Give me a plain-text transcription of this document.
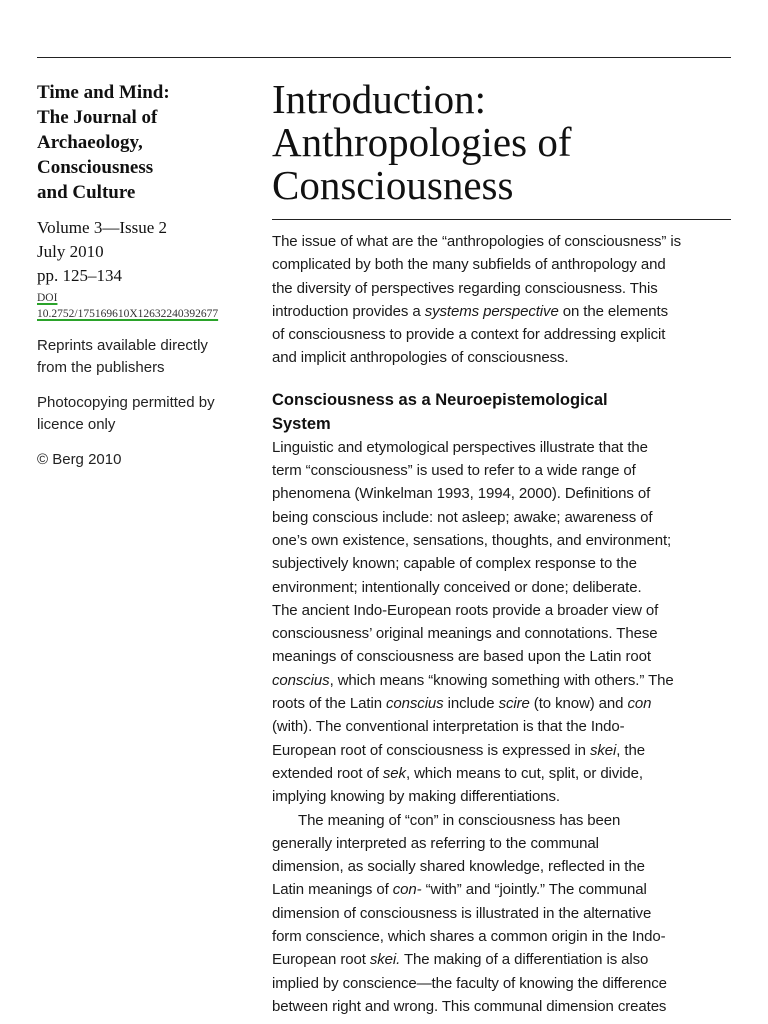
Time and Mind:
The Journal of
Archaeology,
Consciousness
and Culture
Volume 3—Issue 2
July 2010
pp. 125–134
DOI
10.2752/175169610X12632240392677
Reprints available directly
from the publishers
Photocopying permitted by
licence only
© Berg 2010
Introduction:
Anthropologies of
Consciousness

The issue of what are the “anthropologies of consciousness” is
complicated by both the many subfields of anthropology and
the diversity of perspectives regarding consciousness. This
introduction provides a systems perspective on the elements
of consciousness to provide a context for addressing explicit
and implicit anthropologies of consciousness.

Consciousness as a Neuroepistemological
System

Linguistic and etymological perspectives illustrate that the
term “consciousness” is used to refer to a wide range of
phenomena (Winkelman 1993, 1994, 2000). Definitions of
being conscious include: not asleep; awake; awareness of
one’s own existence, sensations, thoughts, and environment;
subjectively known; capable of complex response to the
environment; intentionally conceived or done; deliberate.
The ancient Indo-European roots provide a broader view of
consciousness’ original meanings and connotations. These
meanings of consciousness are based upon the Latin root
conscius, which means “knowing something with others.” The
roots of the Latin conscius include scire (to know) and con
(with). The conventional interpretation is that the Indo-
European root of consciousness is expressed in skei, the
extended root of sek, which means to cut, split, or divide,
implying knowing by making differentiations.

The meaning of “con” in consciousness has been
generally interpreted as referring to the communal
dimension, as socially shared knowledge, reflected in the
Latin meanings of con- “with” and “jointly.” The communal
dimension of consciousness is illustrated in the alternative
form conscience, which shares a common origin in the Indo-
European root skei. The making of a differentiation is also
implied by conscience—the faculty of knowing the difference
between right and wrong. This communal dimension creates
